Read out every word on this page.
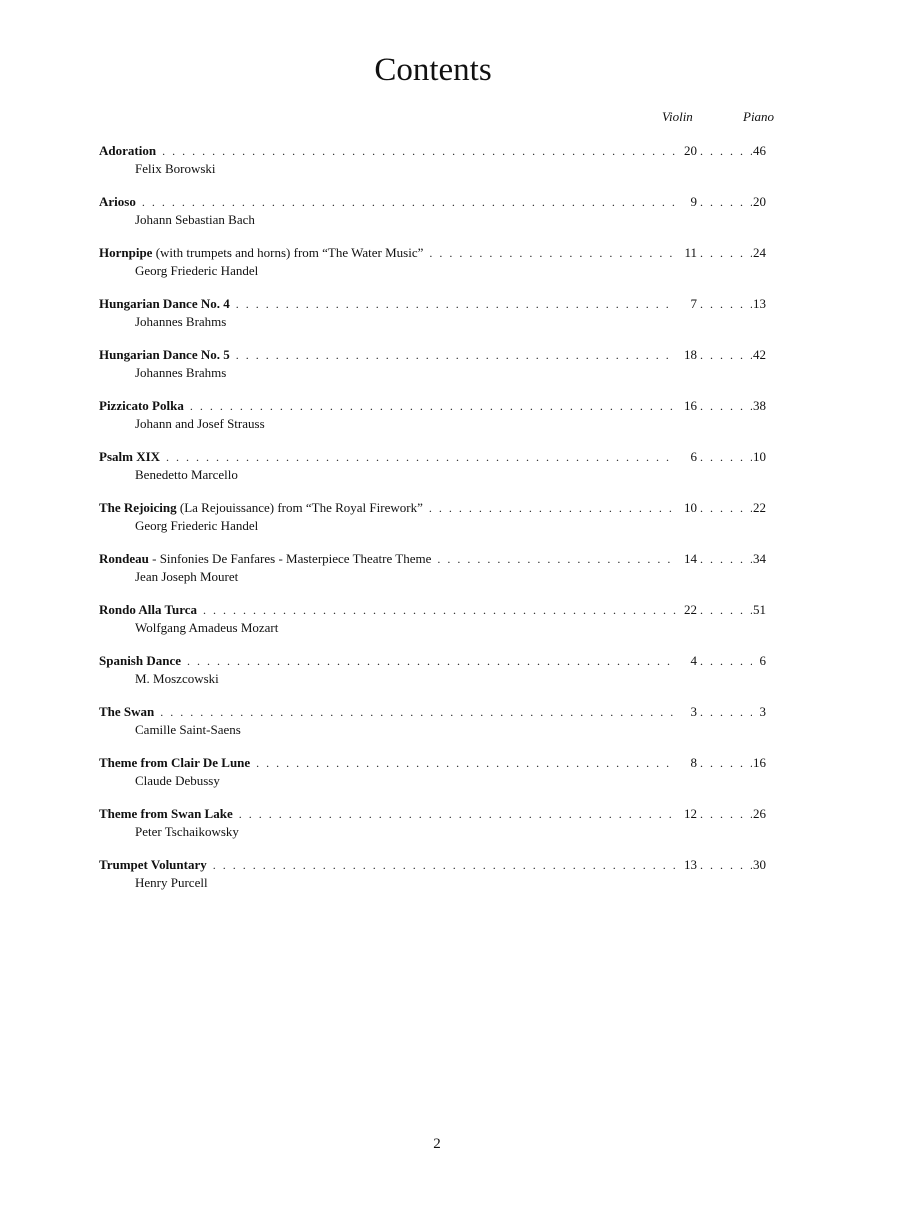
Contents
Violin	Piano
Adoration . . .	20 . . .	46
Felix Borowski
Arioso . . .	9 . . .	20
Johann Sebastian Bach
Hornpipe (with trumpets and horns) from “The Water Music” . . .	11 . . .	24
Georg Friederic Handel
Hungarian Dance No. 4 . . .	7 . . .	13
Johannes Brahms
Hungarian Dance No. 5 . . .	18 . . .	42
Johannes Brahms
Pizzicato Polka . . .	16 . . .	38
Johann and Josef Strauss
Psalm XIX . . .	6 . . .	10
Benedetto Marcello
The Rejoicing (La Rejouissance) from “The Royal Firework” . . .	10 . . .	22
Georg Friederic Handel
Rondeau - Sinfonies De Fanfares - Masterpiece Theatre Theme . . .	14 . . .	34
Jean Joseph Mouret
Rondo Alla Turca . . .	22 . . .	51
Wolfgang Amadeus Mozart
Spanish Dance . . .	4 . . .	6
M. Moszcowski
The Swan . . .	3 . . .	3
Camille Saint-Saens
Theme from Clair De Lune . . .	8 . . .	16
Claude Debussy
Theme from Swan Lake . . .	12 . . .	26
Peter Tschaikowsky
Trumpet Voluntary . . .	13 . . .	30
Henry Purcell
2
